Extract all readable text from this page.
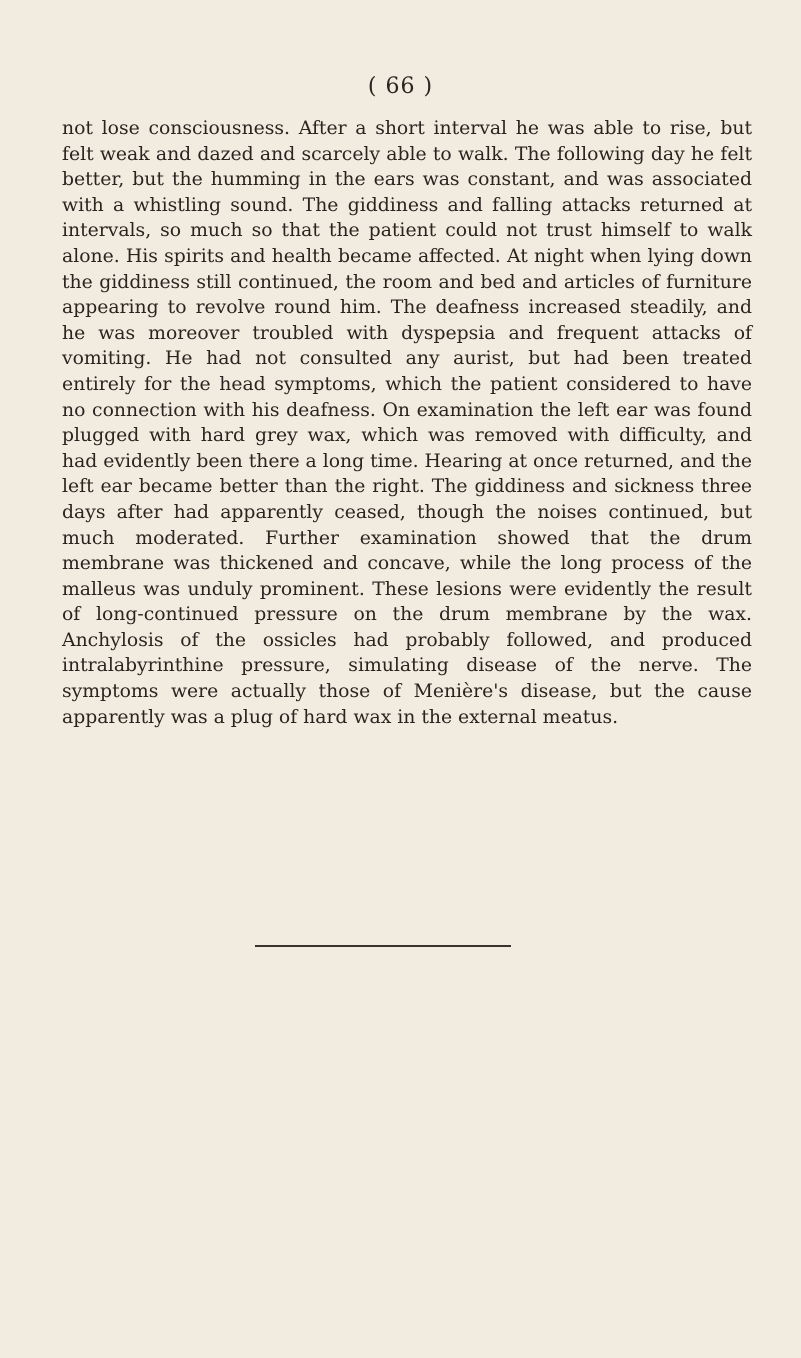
( 66 )

not lose consciousness. After a short interval he was able to rise, but felt weak and dazed and scarcely able to walk. The following day he felt better, but the humming in the ears was constant, and was associated with a whistling sound. The giddiness and falling attacks returned at intervals, so much so that the patient could not trust himself to walk alone. His spirits and health became affected. At night when lying down the giddiness still continued, the room and bed and articles of furniture appearing to revolve round him. The deafness increased steadily, and he was moreover troubled with dyspepsia and frequent attacks of vomiting. He had not consulted any aurist, but had been treated entirely for the head symptoms, which the patient considered to have no connection with his deafness. On examination the left ear was found plugged with hard grey wax, which was removed with difficulty, and had evidently been there a long time. Hearing at once returned, and the left ear became better than the right. The giddiness and sickness three days after had apparently ceased, though the noises continued, but much moderated. Further examination showed that the drum membrane was thickened and concave, while the long process of the malleus was unduly prominent. These lesions were evidently the result of long-continued pressure on the drum membrane by the wax. Anchylosis of the ossicles had probably followed, and produced intralabyrinthine pressure, simulating disease of the nerve. The symptoms were actually those of Menière's disease, but the cause apparently was a plug of hard wax in the external meatus.
